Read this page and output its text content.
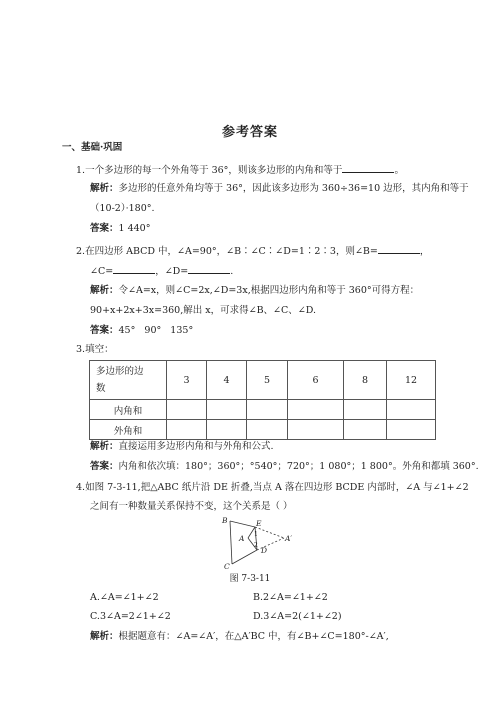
参考答案
一、基础·巩固
1.一个多边形的每一个外角等于 36°，则该多边形的内角和等于	。
解析：多边形的任意外角均等于 36°，因此该多边形为 360÷36=10 边形，其内角和等于
（10-2）·180°.
答案：1 440°
2.在四边形 ABCD 中，∠A=90°，∠B∶∠C∶∠D=1∶2∶3，则∠B=	，
∠C=	，∠D=	.
解析：令∠A=x，则∠C=2x,∠D=3x,根据四边形内角和等于 360°可得方程：
90+x+2x+3x=360,解出 x，可求得∠B、∠C、∠D.
答案：45°   90°   135°
3.填空：
多边形的边
数	3	4	5	6	8	12
内角和						
外角和						
解析：直接运用多边形内角和与外角和公式.
答案：内角和依次填：180°；360°；°540°；720°；1 080°；1 800°。外角和都填 360°.
4.如图 7-3-11,把△ABC 纸片沿 DE 折叠,当点 A 落在四边形 BCDE 内部时，∠A 与∠1+∠2
之间有一种数量关系保持不变，这个关系是（ ）
B
C
A	A′
E
D
1
2
图 7-3-11
A.∠A=∠1+∠2	B.2∠A=∠1+∠2
C.3∠A=2∠1+∠2	D.3∠A=2(∠1+∠2)
解析：根据题意有：∠A=∠A′，在△A′BC 中，有∠B+∠C=180°-∠A′,
